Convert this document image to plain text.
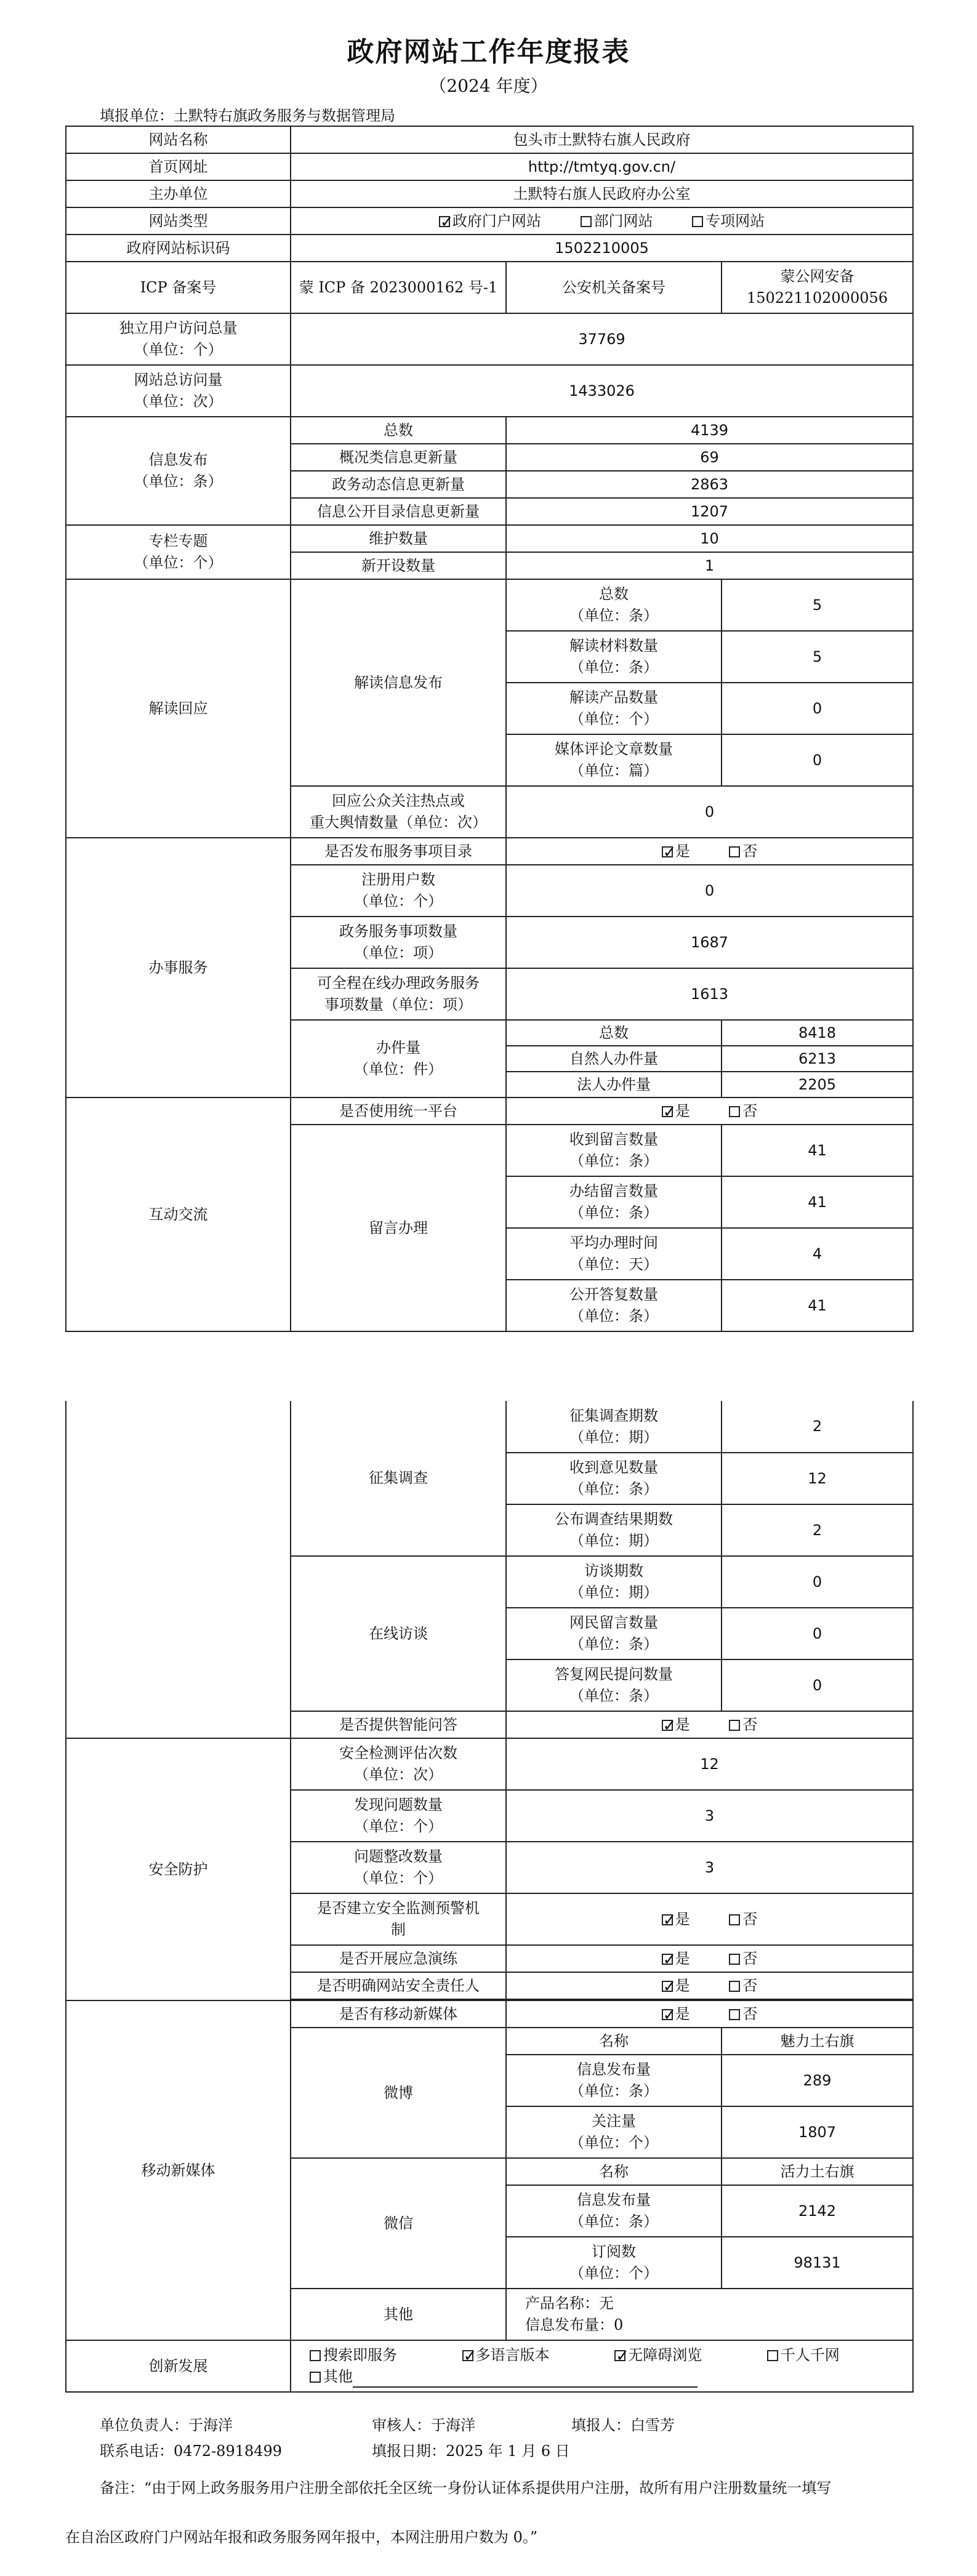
政府网站工作年度报表
（2024 年度）
填报单位：土默特右旗政务服务与数据管理局
网站名称	包头市土默特右旗人民政府		
首页网址	http://tmtyq.gov.cn/		
主办单位	土默特右旗人民政府办公室		
网站类型	✓政府门户网站 部门网站 专项网站
政府网站标识码	1502210005		
ICP 备案号	蒙 ICP 备 2023000162 号-1	公安机关备案号	蒙公网安备 150221102000056

独立用户访问总量
（单位：个）	37769		

网站总访问量
（单位：次）	1433026		

信息发布
（单位：条）	总数	4139	
	概况类信息更新量	69	
	政务动态信息更新量	2863	
	信息公开目录信息更新量	1207	

专栏专题
（单位：个）	维护数量	10	
	新开设数量	1	
解读回应	解读信息发布	总数
（单位：条）	5

		解读材料数量
（单位：条）	5

		解读产品数量
（单位：个）	0

		媒体评论文章数量
（单位：篇）	0

	回应公众关注热点或
重大舆情数量（单位：次）	0	
办事服务	是否发布服务事项目录	✓是 否

	注册用户数
（单位：个）	0	

	政务服务事项数量
（单位：项）	1687	

	可全程在线办理政务服务
事项数量（单位：项）	1613	

	办件量
（单位：件）	总数	8418
		自然人办件量	6213
		法人办件量	2205
互动交流	是否使用统一平台	✓是 否
	留言办理	收到留言数量
（单位：条）	41

		办结留言数量
（单位：条）	41

		平均办理时间
（单位：天）	4

		公开答复数量
（单位：条）	41
	征集调查	征集调查期数
（单位：期）	2

		收到意见数量
（单位：条）	12

		公布调查结果期数
（单位：期）	2
	在线访谈	访谈期数
（单位：期）	0

		网民留言数量
（单位：条）	0

		答复网民提问数量
（单位：条）	0
	是否提供智能问答	✓是 否
安全防护	安全检测评估次数
（单位：次）	12	

	发现问题数量
（单位：个）	3	

	问题整改数量
（单位：个）	3	

	是否建立安全监测预警机
制
	✓是 否
	是否开展应急演练	✓是 否
	是否明确网站安全责任人	✓是 否

移动新媒体	是否有移动新媒体	✓是 否
	微博	名称	魅力土右旗

		信息发布量
（单位：条）	289

		关注量
（单位：个）	1807
	微信	名称	活力土右旗

		信息发布量
（单位：条）	2142

		订阅数
（单位：个）	98131
	其他	产品名称：无
信息发布量：0	

创新发展	搜索即服务 ✓ 多语言版本 ✓ 无障碍浏览 千人千网
其他
单位负责人：于海洋	审核人：于海洋	填报人：白雪芳
联系电话：0472-8918499	填报日期：2025 年 1 月 6 日
备注：“由于网上政务服务用户注册全部依托全区统一身份认证体系提供用户注册，故所有用户注册数量统一填写
在自治区政府门户网站年报和政务服务网年报中，本网注册用户数为 0。”
